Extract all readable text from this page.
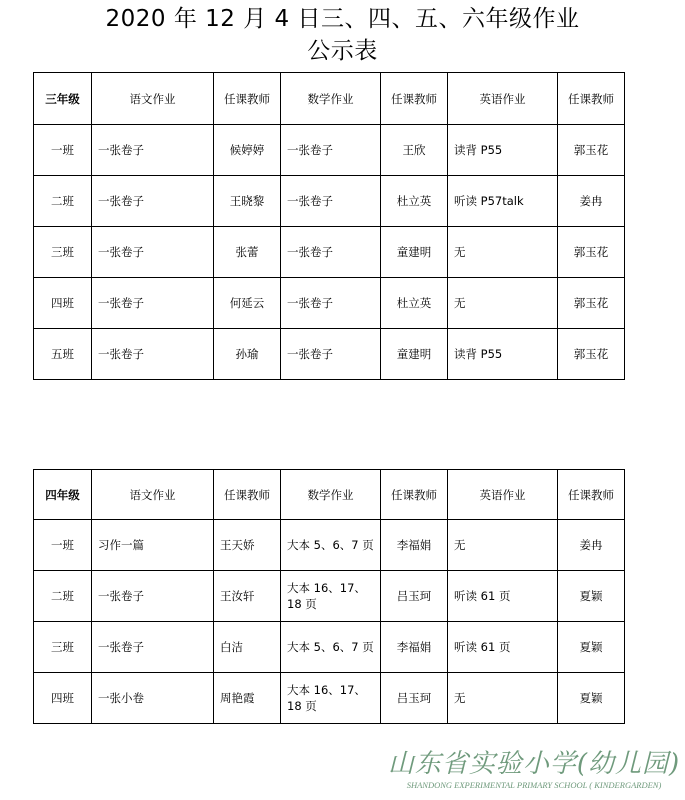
2020 年 12 月 4 日三、四、五、六年级作业
公示表
三年级	语文作业	任课教师	数学作业	任课教师	英语作业	任课教师
一班	一张卷子	候婷婷	一张卷子	王欣	读背 P55	郭玉花
二班	一张卷子	王晓黎	一张卷子	杜立英	听读 P57talk	姜冉
三班	一张卷子	张蕾	一张卷子	童建明	无	郭玉花
四班	一张卷子	何延云	一张卷子	杜立英	无	郭玉花
五班	一张卷子	孙瑜	一张卷子	童建明	读背 P55	郭玉花
四年级	语文作业	任课教师	数学作业	任课教师	英语作业	任课教师
一班	习作一篇	王天娇	大本 5、6、7 页	李福娟	无	姜冉
二班	一张卷子	王汝轩	大本 16、17、18 页	吕玉珂	听读 61 页	夏颖
三班	一张卷子	白洁	大本 5、6、7 页	李福娟	听读 61 页	夏颖
四班	一张小卷	周艳霞	大本 16、17、18 页	吕玉珂	无	夏颖
山东省实验小学(幼儿园)
SHANDONG EXPERIMENTAL PRIMARY SCHOOL ( KINDERGARDEN)
